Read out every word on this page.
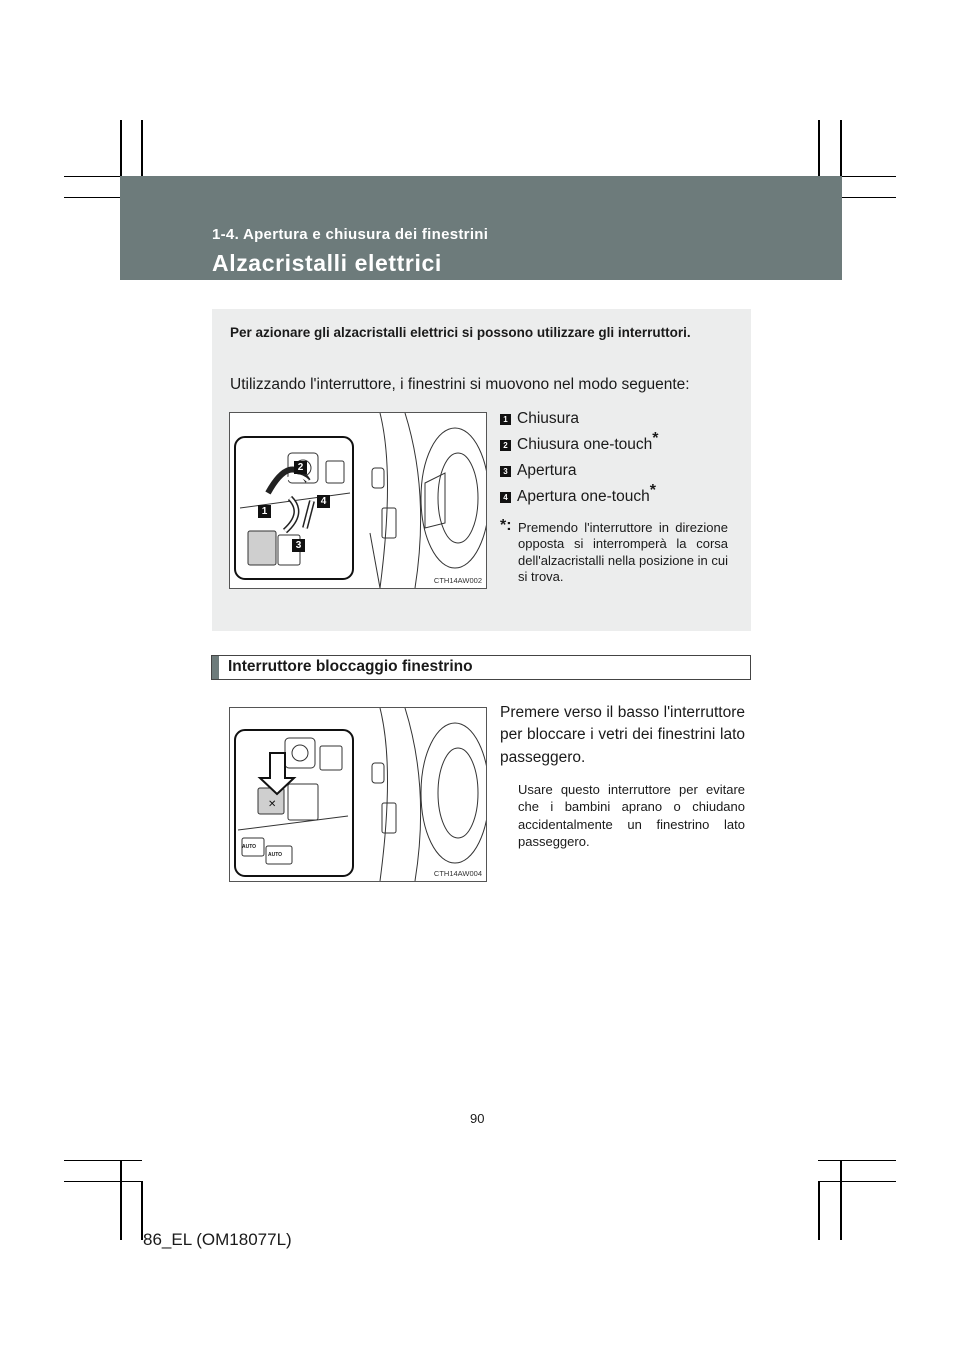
1-4. Apertura e chiusura dei finestrini
Alzacristalli elettrici
Per azionare gli alzacristalli elettrici si possono utilizzare gli interruttori.
Utilizzando l'interruttore, i finestrini si muovono nel modo seguente:
1
2
3
4
CTH14AW002
1 Chiusura
2 Chiusura one-touch*
3 Apertura
4 Apertura one-touch*
*: Premendo l'interruttore in direzione opposta si interromperà la corsa dell'alzacristalli nella posizione in cui si trova.
Interruttore bloccaggio finestrino
✕
AUTO
AUTO
CTH14AW004
Premere verso il basso l'interruttore per bloccare i vetri dei finestrini lato passeggero.
Usare questo interruttore per evitare che i bambini aprano o chiudano accidentalmente un finestrino lato passeggero.
90
86_EL (OM18077L)
